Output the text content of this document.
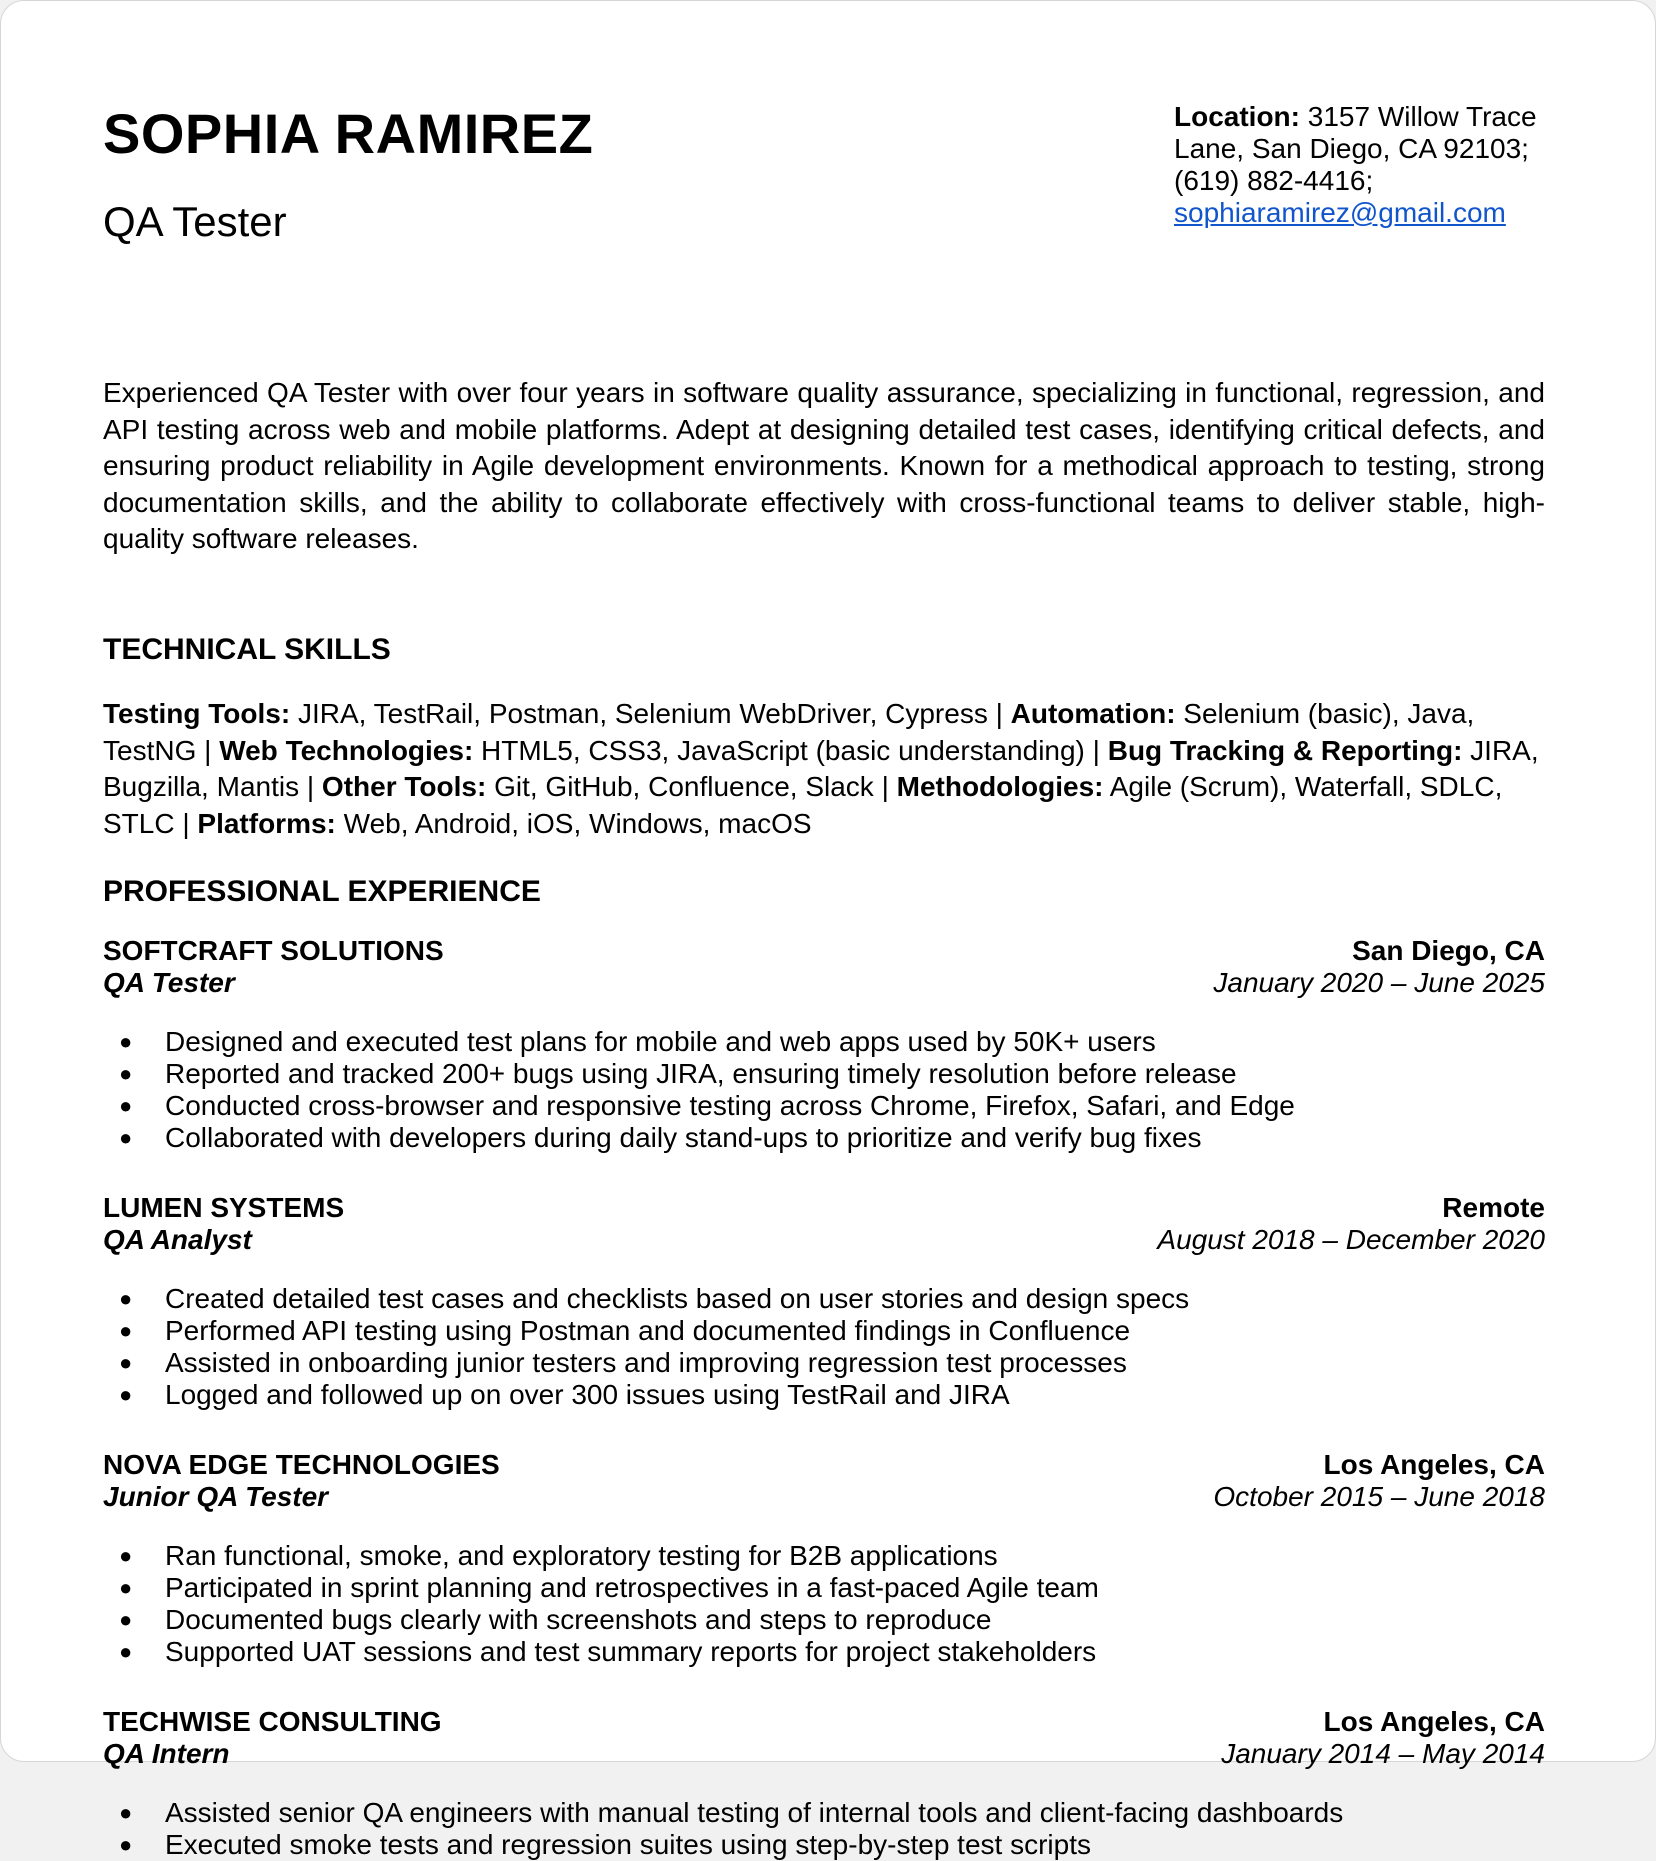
SOPHIA RAMIREZ
QA Tester
Location: 3157 Willow Trace Lane, San Diego, CA 92103; (619) 882-4416;
sophiaramirez@gmail.com

Experienced QA Tester with over four years in software quality assurance, specializing in functional, regression, and API testing across web and mobile platforms. Adept at designing detailed test cases, identifying critical defects, and ensuring product reliability in Agile development environments. Known for a methodical approach to testing, strong documentation skills, and the ability to collaborate effectively with cross-functional teams to deliver stable, high-quality software releases.

TECHNICAL SKILLS
Testing Tools: JIRA, TestRail, Postman, Selenium WebDriver, Cypress | Automation: Selenium (basic), Java, TestNG | Web Technologies: HTML5, CSS3, JavaScript (basic understanding) | Bug Tracking & Reporting: JIRA, Bugzilla, Mantis | Other Tools: Git, GitHub, Confluence, Slack | Methodologies: Agile (Scrum), Waterfall, SDLC, STLC | Platforms: Web, Android, iOS, Windows, macOS
PROFESSIONAL EXPERIENCE
SOFTCRAFT SOLUTIONS	San Diego, CA
QA Tester	January 2020 – June 2025
● Designed and executed test plans for mobile and web apps used by 50K+ users
● Reported and tracked 200+ bugs using JIRA, ensuring timely resolution before release
● Conducted cross-browser and responsive testing across Chrome, Firefox, Safari, and Edge
● Collaborated with developers during daily stand-ups to prioritize and verify bug fixes
LUMEN SYSTEMS	Remote
QA Analyst	August 2018 – December 2020
● Created detailed test cases and checklists based on user stories and design specs
● Performed API testing using Postman and documented findings in Confluence
● Assisted in onboarding junior testers and improving regression test processes
● Logged and followed up on over 300 issues using TestRail and JIRA
NOVA EDGE TECHNOLOGIES	Los Angeles, CA
Junior QA Tester	October 2015 – June 2018
● Ran functional, smoke, and exploratory testing for B2B applications
● Participated in sprint planning and retrospectives in a fast-paced Agile team
● Documented bugs clearly with screenshots and steps to reproduce
● Supported UAT sessions and test summary reports for project stakeholders
TECHWISE CONSULTING	Los Angeles, CA
QA Intern	January 2014 – May 2014
● Assisted senior QA engineers with manual testing of internal tools and client-facing dashboards
● Executed smoke tests and regression suites using step-by-step test scripts
